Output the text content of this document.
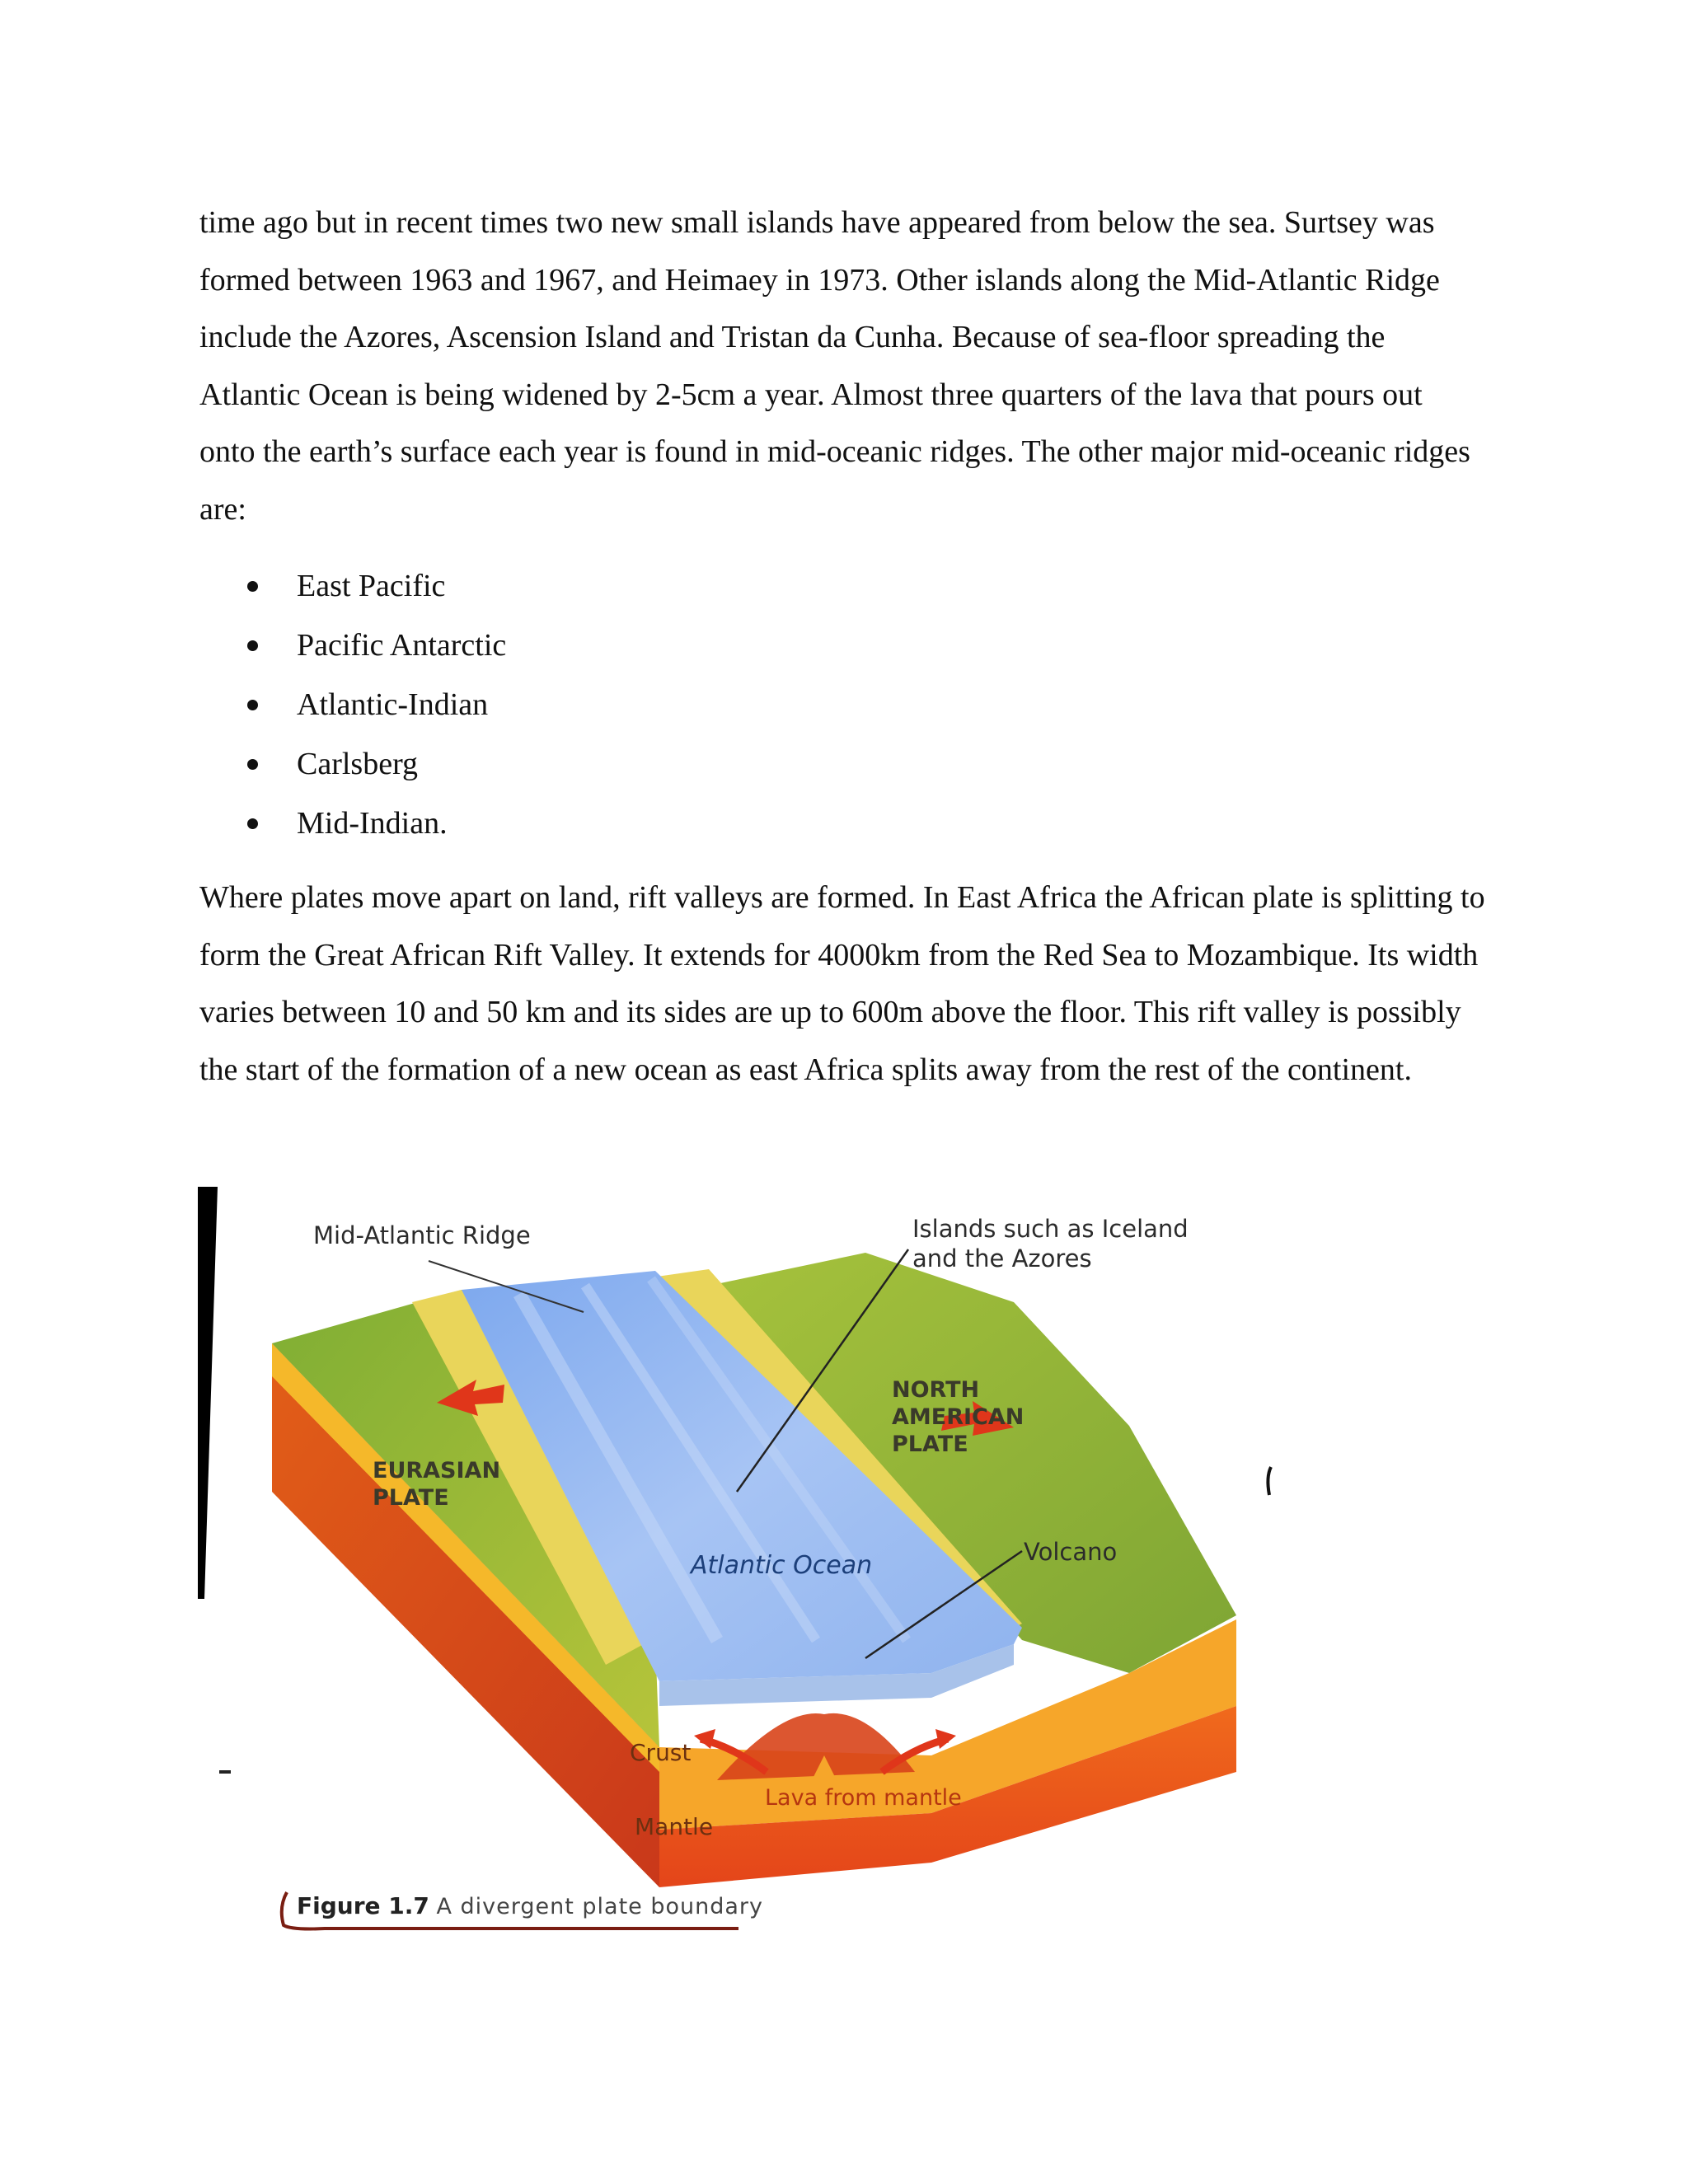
time ago but in recent times two new small islands have appeared from below the sea. Surtsey was formed between 1963 and 1967, and Heimaey in 1973. Other islands along the Mid-Atlantic Ridge include the Azores, Ascension Island and Tristan da Cunha. Because of sea-floor spreading the Atlantic Ocean is being widened by 2-5cm a year. Almost three quarters of the lava that pours out onto the earth’s surface each year is found in mid-oceanic ridges. The other major mid-oceanic ridges are:

East Pacific
Pacific Antarctic
Atlantic-Indian
Carlsberg
Mid-Indian.

Where plates move apart on land, rift valleys are formed. In East Africa the African plate is splitting to form the Great African Rift Valley. It extends for 4000km from the Red Sea to Mozambique. Its width varies between 10 and 50 km and its sides are up to 600m above the floor. This rift valley is possibly the start of the formation of a new ocean as east Africa splits away from the rest of the continent.

Mid-Atlantic Ridge	Islands such as Iceland
and the Azores
NORTH
AMERICAN
PLATE
EURASIAN
PLATE
Atlantic Ocean	Volcano
Crust
Lava from mantle
Mantle
Figure 1.7 A divergent plate boundary
